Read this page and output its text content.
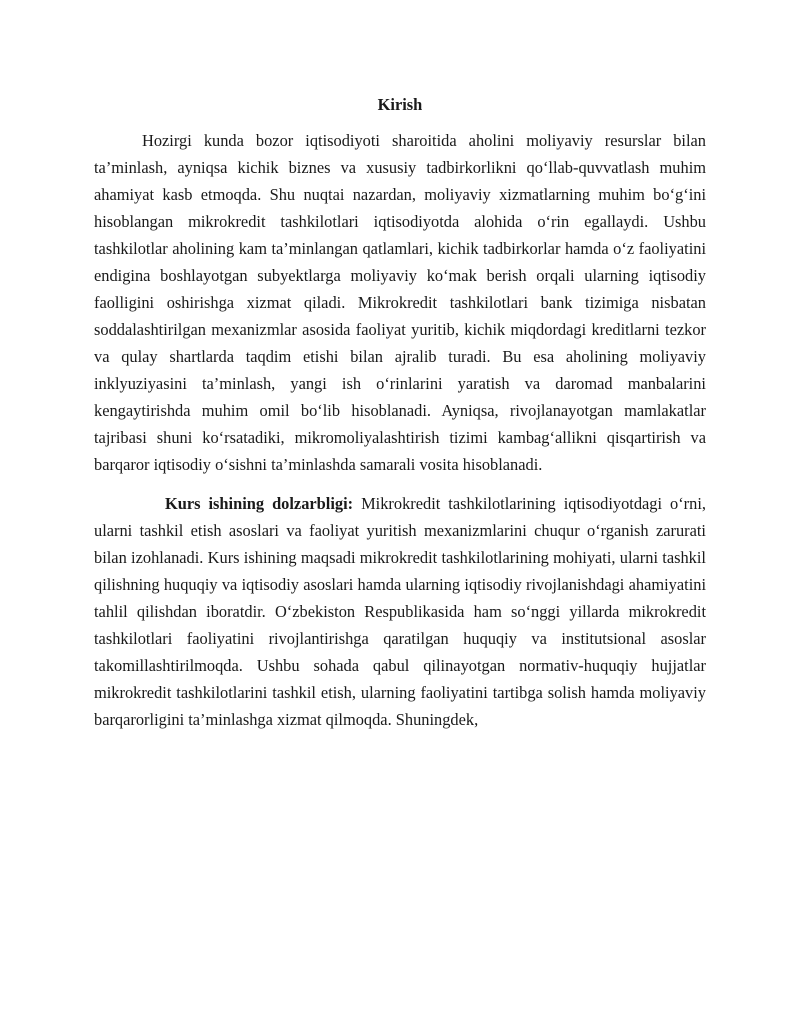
Kirish

Hozirgi kunda bozor iqtisodiyoti sharoitida aholini moliyaviy resurslar bilan ta’minlash, ayniqsa kichik biznes va xususiy tadbirkorlikni qo‘llab-quvvatlash muhim ahamiyat kasb etmoqda. Shu nuqtai nazardan, moliyaviy xizmatlarning muhim bo‘g‘ini hisoblangan mikrokredit tashkilotlari iqtisodiyotda alohida o‘rin egallaydi. Ushbu tashkilotlar aholining kam ta’minlangan qatlamlari, kichik tadbirkorlar hamda o‘z faoliyatini endigina boshlayotgan subyektlarga moliyaviy ko‘mak berish orqali ularning iqtisodiy faolligini oshirishga xizmat qiladi. Mikrokredit tashkilotlari bank tizimiga nisbatan soddalashtirilgan mexanizmlar asosida faoliyat yuritib, kichik miqdordagi kreditlarni tezkor va qulay shartlarda taqdim etishi bilan ajralib turadi. Bu esa aholining moliyaviy inklyuziyasini ta’minlash, yangi ish o‘rinlarini yaratish va daromad manbalarini kengaytirishda muhim omil bo‘lib hisoblanadi. Ayniqsa, rivojlanayotgan mamlakatlar tajribasi shuni ko‘rsatadiki, mikromoliyalashtirish tizimi kambag‘allikni qisqartirish va barqaror iqtisodiy o‘sishni ta’minlashda samarali vosita hisoblanadi.

Kurs ishining dolzarbligi: Mikrokredit tashkilotlarining iqtisodiyotdagi o‘rni, ularni tashkil etish asoslari va faoliyat yuritish mexanizmlarini chuqur o‘rganish zarurati bilan izohlanadi. Kurs ishining maqsadi mikrokredit tashkilotlarining mohiyati, ularni tashkil qilishning huquqiy va iqtisodiy asoslari hamda ularning iqtisodiy rivojlanishdagi ahamiyatini tahlil qilishdan iboratdir. O‘zbekiston Respublikasida ham so‘nggi yillarda mikrokredit tashkilotlari faoliyatini rivojlantirishga qaratilgan huquqiy va institutsional asoslar takomillashtirilmoqda. Ushbu sohada qabul qilinayotgan normativ-huquqiy hujjatlar mikrokredit tashkilotlarini tashkil etish, ularning faoliyatini tartibga solish hamda moliyaviy barqarorligini ta’minlashga xizmat qilmoqda. Shuningdek,
